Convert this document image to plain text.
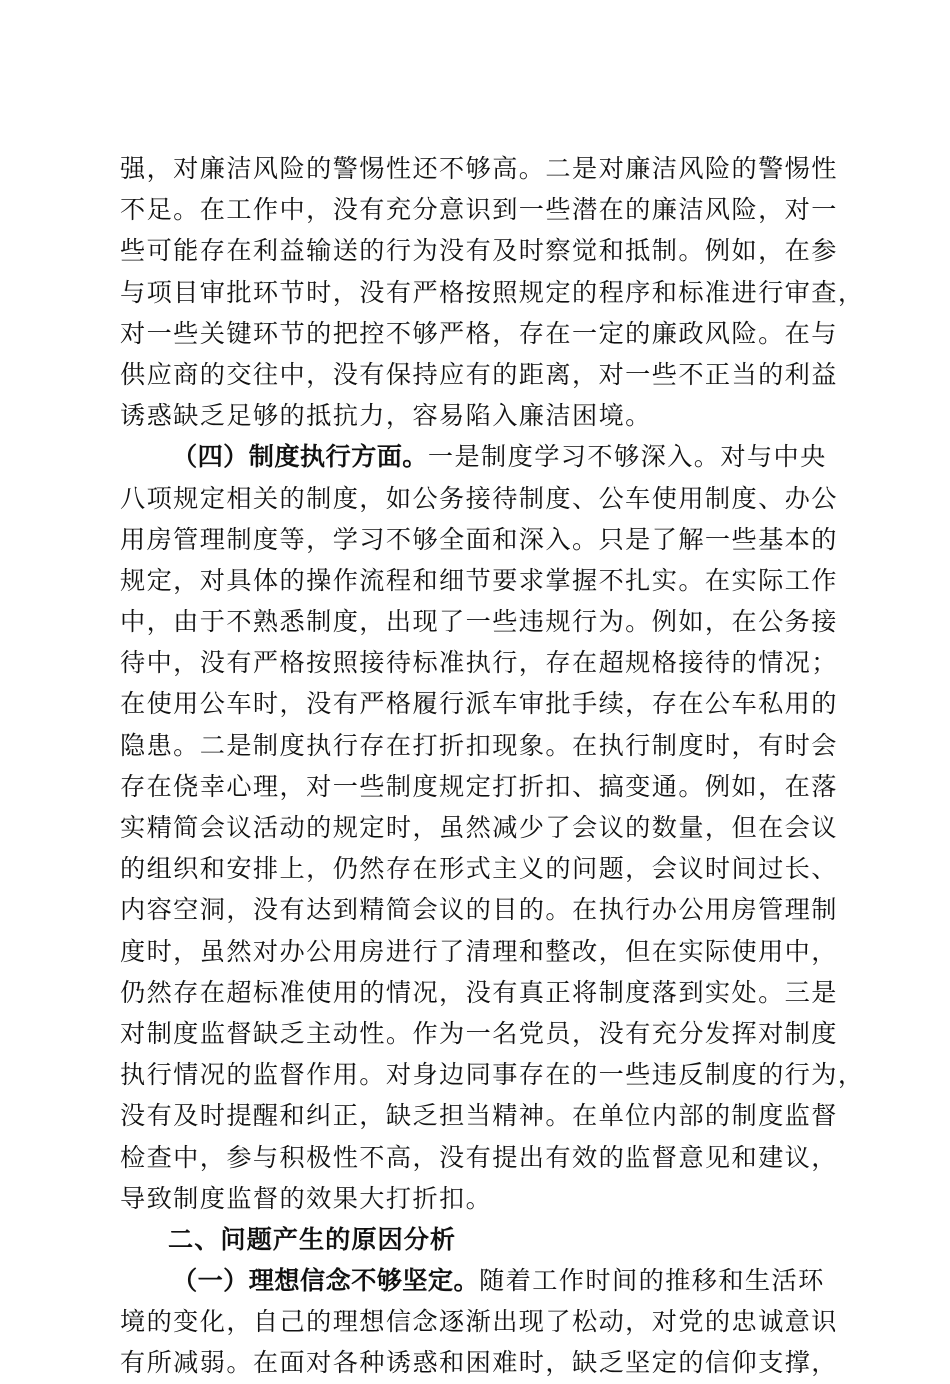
强，对廉洁风险的警惕性还不够高。二是对廉洁风险的警惕性
不足。在工作中，没有充分意识到一些潜在的廉洁风险，对一
些可能存在利益输送的行为没有及时察觉和抵制。例如，在参
与项目审批环节时，没有严格按照规定的程序和标准进行审查，
对一些关键环节的把控不够严格，存在一定的廉政风险。在与
供应商的交往中，没有保持应有的距离，对一些不正当的利益
诱惑缺乏足够的抵抗力，容易陷入廉洁困境。
（四）制度执行方面。一是制度学习不够深入。对与中央
八项规定相关的制度，如公务接待制度、公车使用制度、办公
用房管理制度等，学习不够全面和深入。只是了解一些基本的
规定，对具体的操作流程和细节要求掌握不扎实。在实际工作
中，由于不熟悉制度，出现了一些违规行为。例如，在公务接
待中，没有严格按照接待标准执行，存在超规格接待的情况；
在使用公车时，没有严格履行派车审批手续，存在公车私用的
隐患。二是制度执行存在打折扣现象。在执行制度时，有时会
存在侥幸心理，对一些制度规定打折扣、搞变通。例如，在落
实精简会议活动的规定时，虽然减少了会议的数量，但在会议
的组织和安排上，仍然存在形式主义的问题，会议时间过长、
内容空洞，没有达到精简会议的目的。在执行办公用房管理制
度时，虽然对办公用房进行了清理和整改，但在实际使用中，
仍然存在超标准使用的情况，没有真正将制度落到实处。三是
对制度监督缺乏主动性。作为一名党员，没有充分发挥对制度
执行情况的监督作用。对身边同事存在的一些违反制度的行为，
没有及时提醒和纠正，缺乏担当精神。在单位内部的制度监督
检查中，参与积极性不高，没有提出有效的监督意见和建议，
导致制度监督的效果大打折扣。
二、问题产生的原因分析
（一）理想信念不够坚定。随着工作时间的推移和生活环
境的变化，自己的理想信念逐渐出现了松动，对党的忠诚意识
有所减弱。在面对各种诱惑和困难时，缺乏坚定的信仰支撑，
